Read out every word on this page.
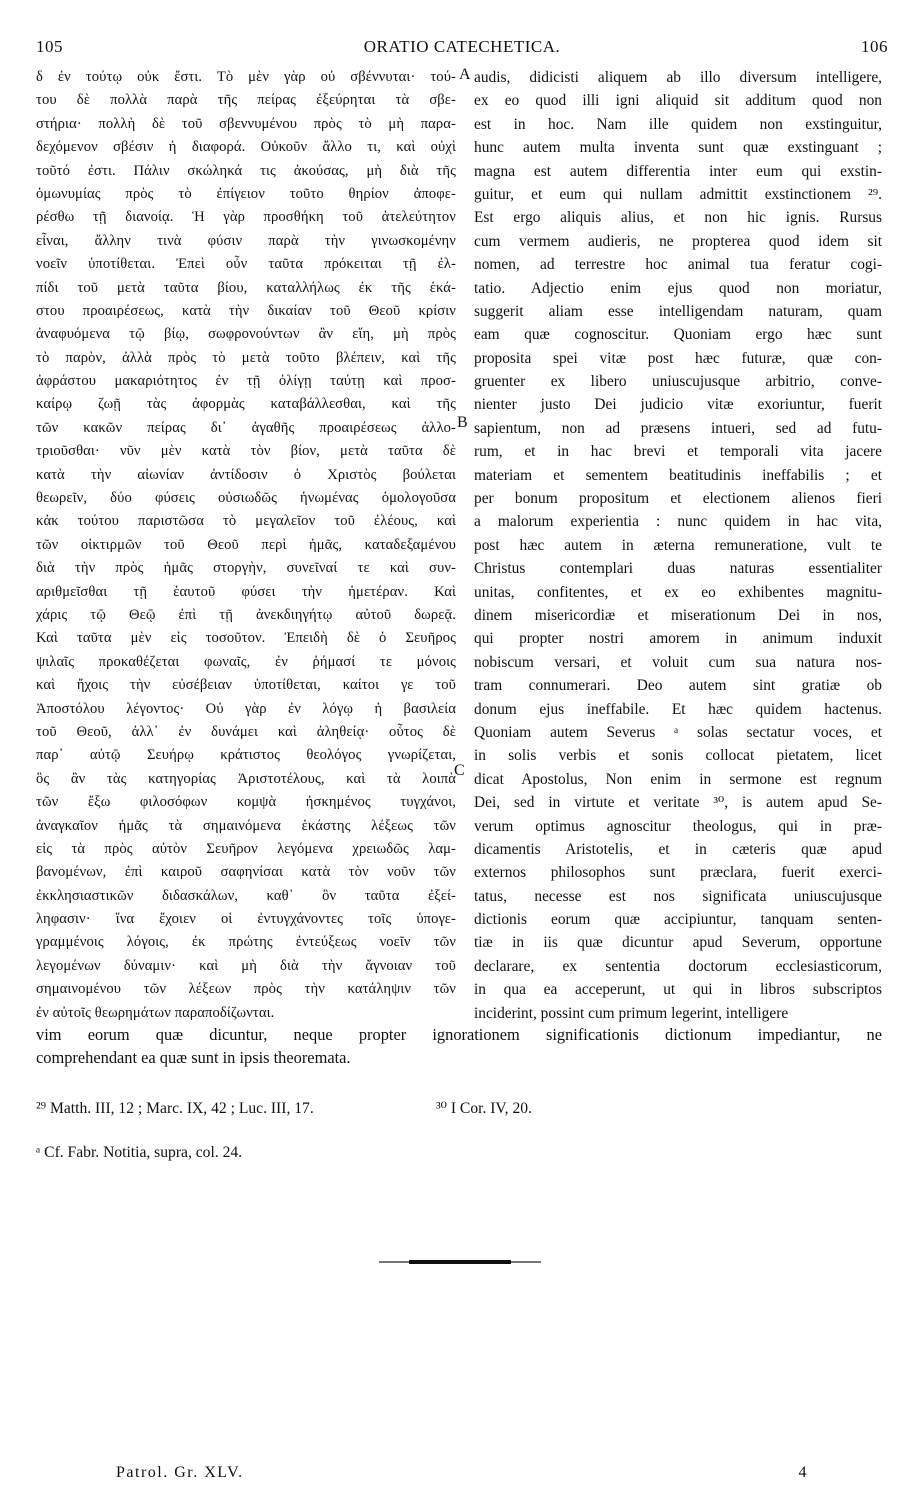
105	ORATIO CATECHETICA.	106
δ ἐν τούτῳ οὐκ ἔστι. Τὸ μὲν γὰρ οὐ σβέννυται· τού-
του δὲ πολλὰ παρὰ τῆς πείρας ἐξεύρηται τὰ σβε-
στήρια· πολλὴ δὲ τοῦ σβεννυμένου πρὸς τὸ μὴ παρα-
δεχόμενον σβέσιν ἡ διαφορά. Οὐκοῦν ἄλλο τι, καὶ οὐχὶ
τοῦτό ἐστι. Πάλιν σκώληκά τις ἀκούσας, μὴ διὰ τῆς
ὁμωνυμίας πρὸς τὸ ἐπίγειον τοῦτο θηρίον ἀποφε-
ρέσθω τῇ διανοίᾳ. Ἡ γὰρ προσθήκη τοῦ ἀτελεύτητον
εἶναι, ἄλλην τινὰ φύσιν παρὰ τὴν γινωσκομένην
νοεῖν ὑποτίθεται. Ἐπεὶ οὖν ταῦτα πρόκειται τῇ ἐλ-
πίδι τοῦ μετὰ ταῦτα βίου, καταλλήλως ἐκ τῆς ἑκά-
στου προαιρέσεως, κατὰ τὴν δικαίαν τοῦ Θεοῦ κρίσιν
ἀναφυόμενα τῷ βίῳ, σωφρονούντων ἂν εἴη, μὴ πρὸς
τὸ παρὸν, ἀλλὰ πρὸς τὸ μετὰ τοῦτο βλέπειν, καὶ τῆς
ἀφράστου μακαριότητος ἐν τῇ ὀλίγῃ ταύτῃ καὶ προσ-
καίρῳ ζωῇ τὰς ἀφορμὰς καταβάλλεσθαι, καὶ τῆς
τῶν κακῶν πείρας δι᾽ ἀγαθῆς προαιρέσεως ἀλλο-
τριοῦσθαι· νῦν μὲν κατὰ τὸν βίον, μετὰ ταῦτα δὲ
κατὰ τὴν αἰωνίαν ἀντίδοσιν ὁ Χριστὸς βούλεται
θεωρεῖν, δύο φύσεις οὐσιωδῶς ἡνωμένας ὁμολογοῦσα
κἀκ τούτου παριστῶσα τὸ μεγαλεῖον τοῦ ἐλέους, καὶ
τῶν οἰκτιρμῶν τοῦ Θεοῦ περὶ ἡμᾶς, καταδεξαμένου
διὰ τὴν πρὸς ἡμᾶς στοργὴν, συνεῖναί τε καὶ συν-
αριθμεῖσθαι τῇ ἑαυτοῦ φύσει τὴν ἡμετέραν. Καὶ
χάρις τῷ Θεῷ ἐπὶ τῇ ἀνεκδιηγήτῳ αὐτοῦ δωρεᾷ.
Καὶ ταῦτα μὲν εἰς τοσοῦτον. Ἐπειδὴ δὲ ὁ Σευῆρος
ψιλαῖς προκαθέζεται φωναῖς, ἐν ῥήμασί τε μόνοις
καὶ ἤχοις τὴν εὐσέβειαν ὑποτίθεται, καίτοι γε τοῦ
Ἀποστόλου λέγοντος· Οὐ γὰρ ἐν λόγῳ ἡ βασιλεία
τοῦ Θεοῦ, ἀλλ᾽ ἐν δυνάμει καὶ ἀληθείᾳ· οὗτος δὲ
παρ᾽ αὐτῷ Σευήρῳ κράτιστος θεολόγος γνωρίζεται,
ὃς ἂν τὰς κατηγορίας Ἀριστοτέλους, καὶ τὰ λοιπὰ
τῶν ἔξω φιλοσόφων κομψὰ ἠσκημένος τυγχάνοι,
ἀναγκαῖον ἡμᾶς τὰ σημαινόμενα ἑκάστης λέξεως τῶν
εἰς τὰ πρὸς αὐτὸν Σευῆρον λεγόμενα χρειωδῶς λαμ-
βανομένων, ἐπὶ καιροῦ σαφηνίσαι κατὰ τὸν νοῦν τῶν
ἐκκλησιαστικῶν διδασκάλων, καθ᾽ ὃν ταῦτα ἐξεί-
ληφασιν· ἵνα ἔχοιεν οἱ ἐντυγχάνοντες τοῖς ὑπογε-
γραμμένοις λόγοις, ἐκ πρώτης ἐντεύξεως νοεῖν τῶν
λεγομένων δύναμιν· καὶ μὴ διὰ τὴν ἄγνοιαν τοῦ
σημαινομένου τῶν λέξεων πρὸς τὴν κατάληψιν τῶν
ἐν αὐτοῖς θεωρημάτων παραποδίζωνται.
A
B
C
audis, didicisti aliquem ab illo diversum intelligere,
ex eo quod illi igni aliquid sit additum quod non
est in hoc. Nam ille quidem non exstinguitur,
hunc autem multa inventa sunt quæ exstinguant ;
magna est autem differentia inter eum qui exstin-
guitur, et eum qui nullam admittit exstinctionem ²⁹.
Est ergo aliquis alius, et non hic ignis. Rursus
cum vermem audieris, ne propterea quod idem sit
nomen, ad terrestre hoc animal tua feratur cogi-
tatio. Adjectio enim ejus quod non moriatur,
suggerit aliam esse intelligendam naturam, quam
eam quæ cognoscitur. Quoniam ergo hæc sunt
proposita spei vitæ post hæc futuræ, quæ con-
gruenter ex libero uniuscujusque arbitrio, conve-
nienter justo Dei judicio vitæ exoriuntur, fuerit
sapientum, non ad præsens intueri, sed ad futu-
rum, et in hac brevi et temporali vita jacere
materiam et sementem beatitudinis ineffabilis ; et
per bonum propositum et electionem alienos fieri
a malorum experientia : nunc quidem in hac vita,
post hæc autem in æterna remuneratione, vult te
Christus contemplari duas naturas essentialiter
unitas, confitentes, et ex eo exhibentes magnitu-
dinem misericordiæ et miserationum Dei in nos,
qui propter nostri amorem in animum induxit
nobiscum versari, et voluit cum sua natura nos-
tram connumerari. Deo autem sint gratiæ ob
donum ejus ineffabile. Et hæc quidem hactenus.
Quoniam autem Severus ᵃ solas sectatur voces, et
in solis verbis et sonis collocat pietatem, licet
dicat Apostolus, Non enim in sermone est regnum
Dei, sed in virtute et veritate ³⁰, is autem apud Se-
verum optimus agnoscitur theologus, qui in præ-
dicamentis Aristotelis, et in cæteris quæ apud
externos philosophos sunt præclara, fuerit exerci-
tatus, necesse est nos significata uniuscujusque
dictionis eorum quæ accipiuntur, tanquam senten-
tiæ in iis quæ dicuntur apud Severum, opportune
declarare, ex sententia doctorum ecclesiasticorum,
in qua ea acceperunt, ut qui in libros subscriptos
inciderint, possint cum primum legerint, intelligere
vim eorum quæ dicuntur, neque propter ignorationem significationis dictionum impediantur, ne
comprehendant ea quæ sunt in ipsis theoremata.
²⁹ Matth. III, 12 ; Marc. IX, 42 ; Luc. III, 17.	³⁰ I Cor. IV, 20.
ᵃ Cf. Fabr. Notitia, supra, col. 24.
Patrol. Gr. XLV.	4
